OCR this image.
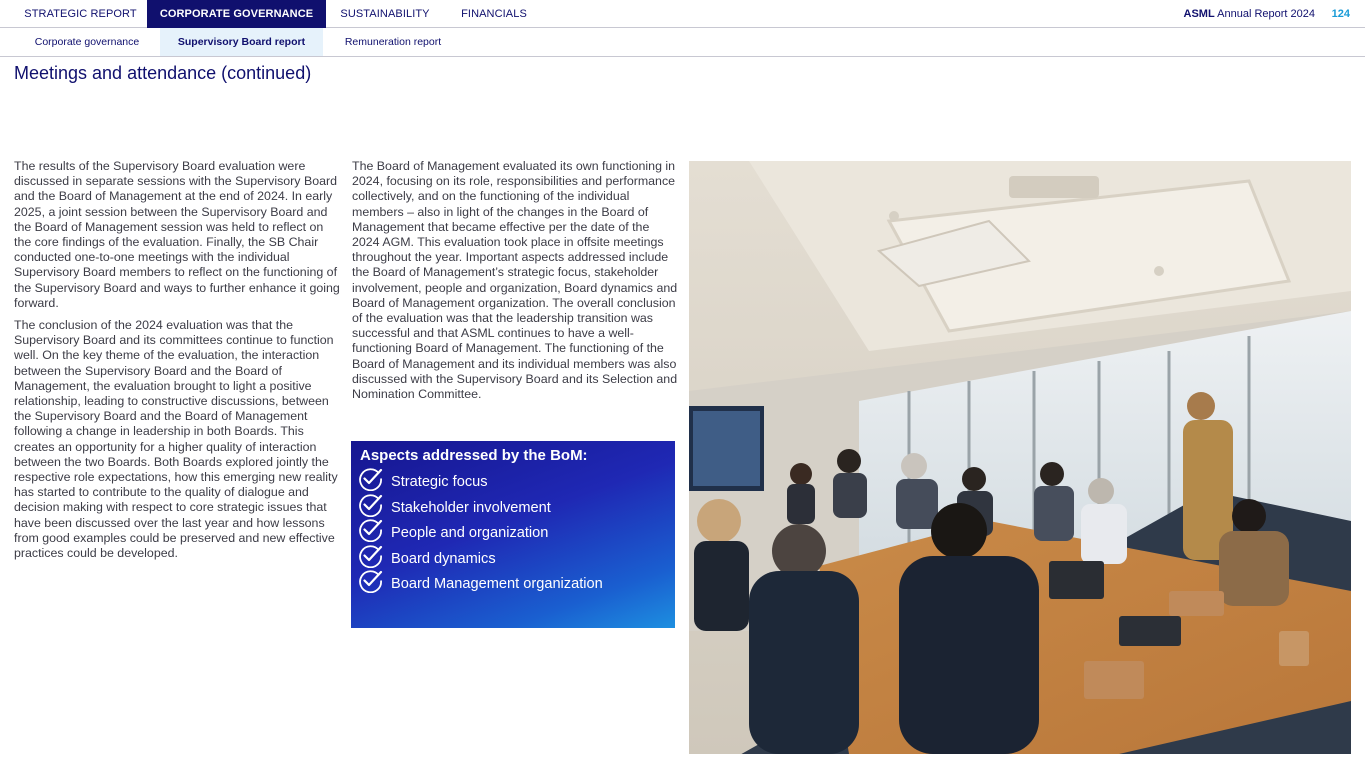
STRATEGIC REPORT	CORPORATE GOVERNANCE	SUSTAINABILITY	FINANCIALS	ASML Annual Report 2024 124
Corporate governance	Supervisory Board report	Remuneration report
Meetings and attendance (continued)

The results of the Supervisory Board evaluation were discussed in separate sessions with the Supervisory Board and the Board of Management at the end of 2024. In early 2025, a joint session between the Supervisory Board and the Board of Management session was held to reflect on the core findings of the evaluation. Finally, the SB Chair conducted one-to-one meetings with the individual Supervisory Board members to reflect on the functioning of the Supervisory Board and ways to further enhance it going forward.

The conclusion of the 2024 evaluation was that the Supervisory Board and its committees continue to function well. On the key theme of the evaluation, the interaction between the Supervisory Board and the Board of Management, the evaluation brought to light a positive relationship, leading to constructive discussions, between the Supervisory Board and the Board of Management following a change in leadership in both Boards. This creates an opportunity for a higher quality of interaction between the two Boards. Both Boards explored jointly the respective role expectations, how this emerging new reality has started to contribute to the quality of dialogue and decision making with respect to core strategic issues that have been discussed over the last year and how lessons from good examples could be preserved and new effective practices could be developed.

The Board of Management evaluated its own functioning in 2024, focusing on its role, responsibilities and performance collectively, and on the functioning of the individual members – also in light of the changes in the Board of Management that became effective per the date of the 2024 AGM. This evaluation took place in offsite meetings throughout the year. Important aspects addressed include the Board of Management’s strategic focus, stakeholder involvement, people and organization, Board dynamics and Board of Management organization. The overall conclusion of the evaluation was that the leadership transition was successful and that ASML continues to have a well-functioning Board of Management. The functioning of the Board of Management and its individual members was also discussed with the Supervisory Board and its Selection and Nomination Committee.

Aspects addressed by the BoM:
Strategic focus
Stakeholder involvement
People and organization
Board dynamics
Board Management organization
